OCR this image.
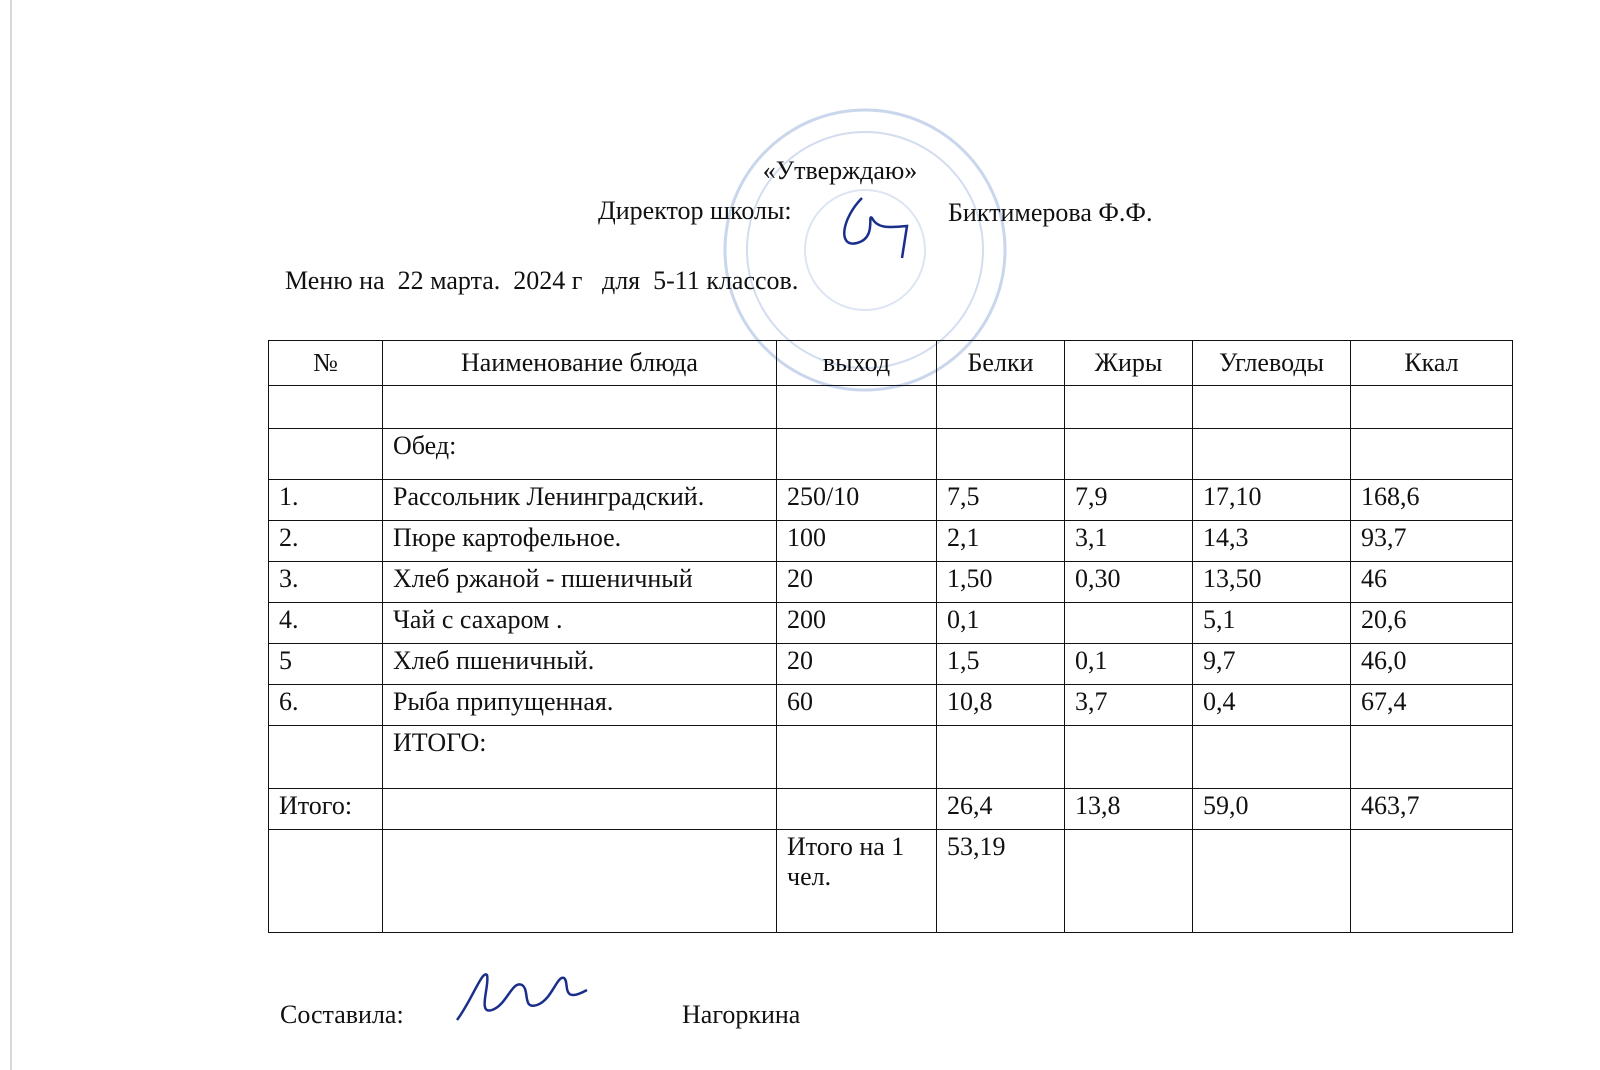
«Утверждаю»
Директор школы:	Биктимерова Ф.Ф.
Меню на  22 марта.  2024 г   для  5-11 классов.
№	Наименование блюда	выход	Белки	Жиры	Углеводы	Ккал

	Обед:					
1.	Рассольник Ленинградский.	250/10	7,5	7,9	17,10	168,6
2.	Пюре картофельное.	100	2,1	3,1	14,3	93,7
3.	Хлеб ржаной - пшеничный	20	1,50	0,30	13,50	46
4.	Чай с сахаром .	200	0,1		5,1	20,6
5	Хлеб пшеничный.	20	1,5	0,1	9,7	46,0
6.	Рыба припущенная.	60	10,8	3,7	0,4	67,4
	ИТОГО:					
Итого:			26,4	13,8	59,0	463,7
		Итого на 1 чел.	53,19			
Составила:	Нагоркина
